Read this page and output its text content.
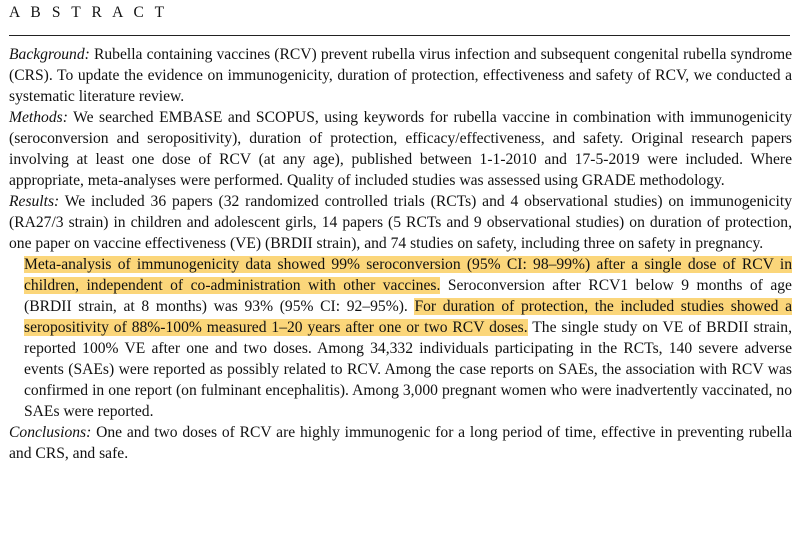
A B S T R A C T

Background: Rubella containing vaccines (RCV) prevent rubella virus infection and subsequent congenital rubella syndrome (CRS). To update the evidence on immunogenicity, duration of protection, effectiveness and safety of RCV, we conducted a systematic literature review.

Methods: We searched EMBASE and SCOPUS, using keywords for rubella vaccine in combination with immunogenicity (seroconversion and seropositivity), duration of protection, efficacy/effectiveness, and safety. Original research papers involving at least one dose of RCV (at any age), published between 1-1-2010 and 17-5-2019 were included. Where appropriate, meta-analyses were performed. Quality of included studies was assessed using GRADE methodology.

Results: We included 36 papers (32 randomized controlled trials (RCTs) and 4 observational studies) on immunogenicity (RA27/3 strain) in children and adolescent girls, 14 papers (5 RCTs and 9 observational studies) on duration of protection, one paper on vaccine effectiveness (VE) (BRDII strain), and 74 studies on safety, including three on safety in pregnancy.

Meta-analysis of immunogenicity data showed 99% seroconversion (95% CI: 98–99%) after a single dose of RCV in children, independent of co-administration with other vaccines. Seroconversion after RCV1 below 9 months of age (BRDII strain, at 8 months) was 93% (95% CI: 92–95%). For duration of protection, the included studies showed a seropositivity of 88%-100% measured 1–20 years after one or two RCV doses. The single study on VE of BRDII strain, reported 100% VE after one and two doses. Among 34,332 individuals participating in the RCTs, 140 severe adverse events (SAEs) were reported as possibly related to RCV. Among the case reports on SAEs, the association with RCV was confirmed in one report (on fulminant encephalitis). Among 3,000 pregnant women who were inadvertently vaccinated, no SAEs were reported.

Conclusions: One and two doses of RCV are highly immunogenic for a long period of time, effective in preventing rubella and CRS, and safe.
